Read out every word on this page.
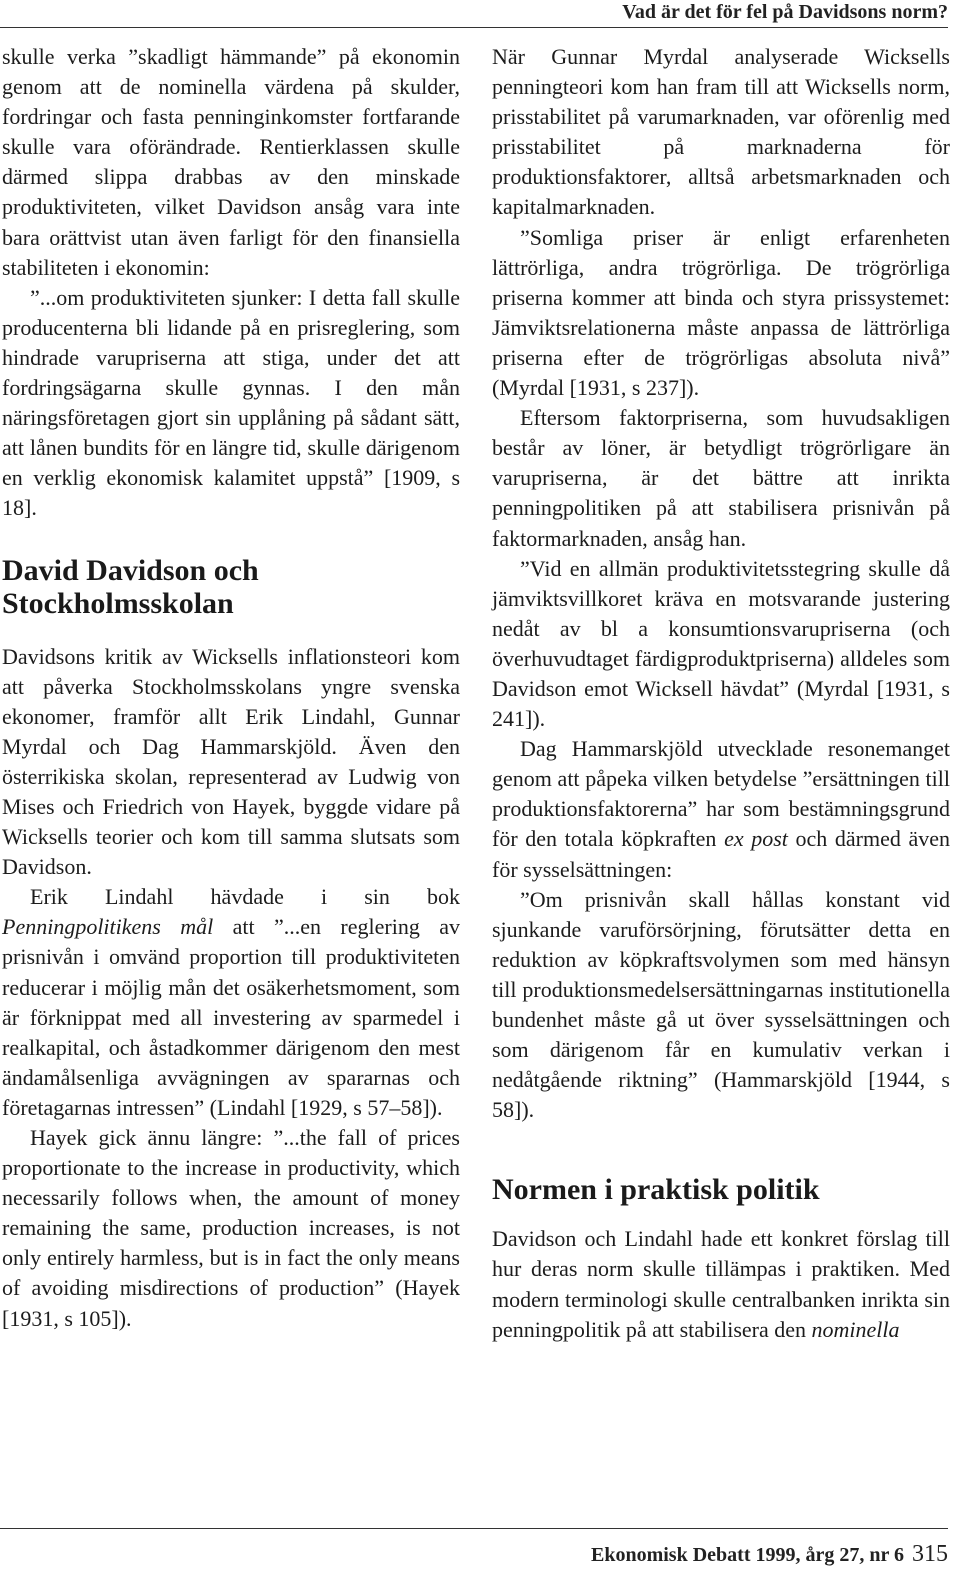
Vad är det för fel på Davidsons norm?

skulle verka ”skadligt hämmande” på ekonomin genom att de nominella värdena på skulder, fordringar och fasta penninginkomster fortfarande skulle vara oförändrade. Rentierklassen skulle därmed slippa drabbas av den minskade produktiviteten, vilket Davidson ansåg vara inte bara orättvist utan även farligt för den finansiella stabiliteten i ekonomin:

”...om produktiviteten sjunker: I detta fall skulle producenterna bli lidande på en prisreglering, som hindrade varupriserna att stiga, under det att fordringsägarna skulle gynnas. I den mån näringsföretagen gjort sin upplåning på sådant sätt, att lånen bundits för en längre tid, skulle därigenom en verklig ekonomisk kalamitet uppstå” [1909, s 18].

David Davidson och Stockholmsskolan

Davidsons kritik av Wicksells inflationsteori kom att påverka Stockholmsskolans yngre svenska ekonomer, framför allt Erik Lindahl, Gunnar Myrdal och Dag Hammarskjöld. Även den österrikiska skolan, representerad av Ludwig von Mises och Friedrich von Hayek, byggde vidare på Wicksells teorier och kom till samma slutsats som Davidson.

Erik Lindahl hävdade i sin bok Penningpolitikens mål att ”...en reglering av prisnivån i omvänd proportion till produktiviteten reducerar i möjlig mån det osäkerhetsmoment, som är förknippat med all investering av sparmedel i realkapital, och åstadkommer därigenom den mest ändamålsenliga avvägningen av spararnas och företagarnas intressen” (Lindahl [1929, s 57–58]).

Hayek gick ännu längre: ”...the fall of prices proportionate to the increase in productivity, which necessarily follows when, the amount of money remaining the same, production increases, is not only entirely harmless, but is in fact the only means of avoiding misdirections of production” (Hayek [1931, s 105]).

När Gunnar Myrdal analyserade Wicksells penningteori kom han fram till att Wicksells norm, prisstabilitet på varumarknaden, var oförenlig med prisstabilitet på marknaderna för produktionsfaktorer, alltså arbetsmarknaden och kapitalmarknaden.

”Somliga priser är enligt erfarenheten lättrörliga, andra trögrörliga. De trögrörliga priserna kommer att binda och styra prissystemet: Jämviktsrelationerna måste anpassa de lättrörliga priserna efter de trögrörligas absoluta nivå” (Myrdal [1931, s 237]).

Eftersom faktorpriserna, som huvudsakligen består av löner, är betydligt trögrörligare än varupriserna, är det bättre att inrikta penningpolitiken på att stabilisera prisnivån på faktormarknaden, ansåg han.

”Vid en allmän produktivitetsstegring skulle då jämviktsvillkoret kräva en motsvarande justering nedåt av bl a konsumtionsvarupriserna (och överhuvudtaget färdigproduktpriserna) alldeles som Davidson emot Wicksell hävdat” (Myrdal [1931, s 241]).

Dag Hammarskjöld utvecklade resonemanget genom att påpeka vilken betydelse ”ersättningen till produktionsfaktorerna” har som bestämningsgrund för den totala köpkraften ex post och därmed även för sysselsättningen:

”Om prisnivån skall hållas konstant vid sjunkande varuförsörjning, förutsätter detta en reduktion av köpkraftsvolymen som med hänsyn till produktionsmedelsersättningarnas institutionella bundenhet måste gå ut över sysselsättningen och som därigenom får en kumulativ verkan i nedåtgående riktning” (Hammarskjöld [1944, s 58]).

Normen i praktisk politik

Davidson och Lindahl hade ett konkret förslag till hur deras norm skulle tillämpas i praktiken. Med modern terminologi skulle centralbanken inrikta sin penningpolitik på att stabilisera den nominella

Ekonomisk Debatt 1999, årg 27, nr 6 315
